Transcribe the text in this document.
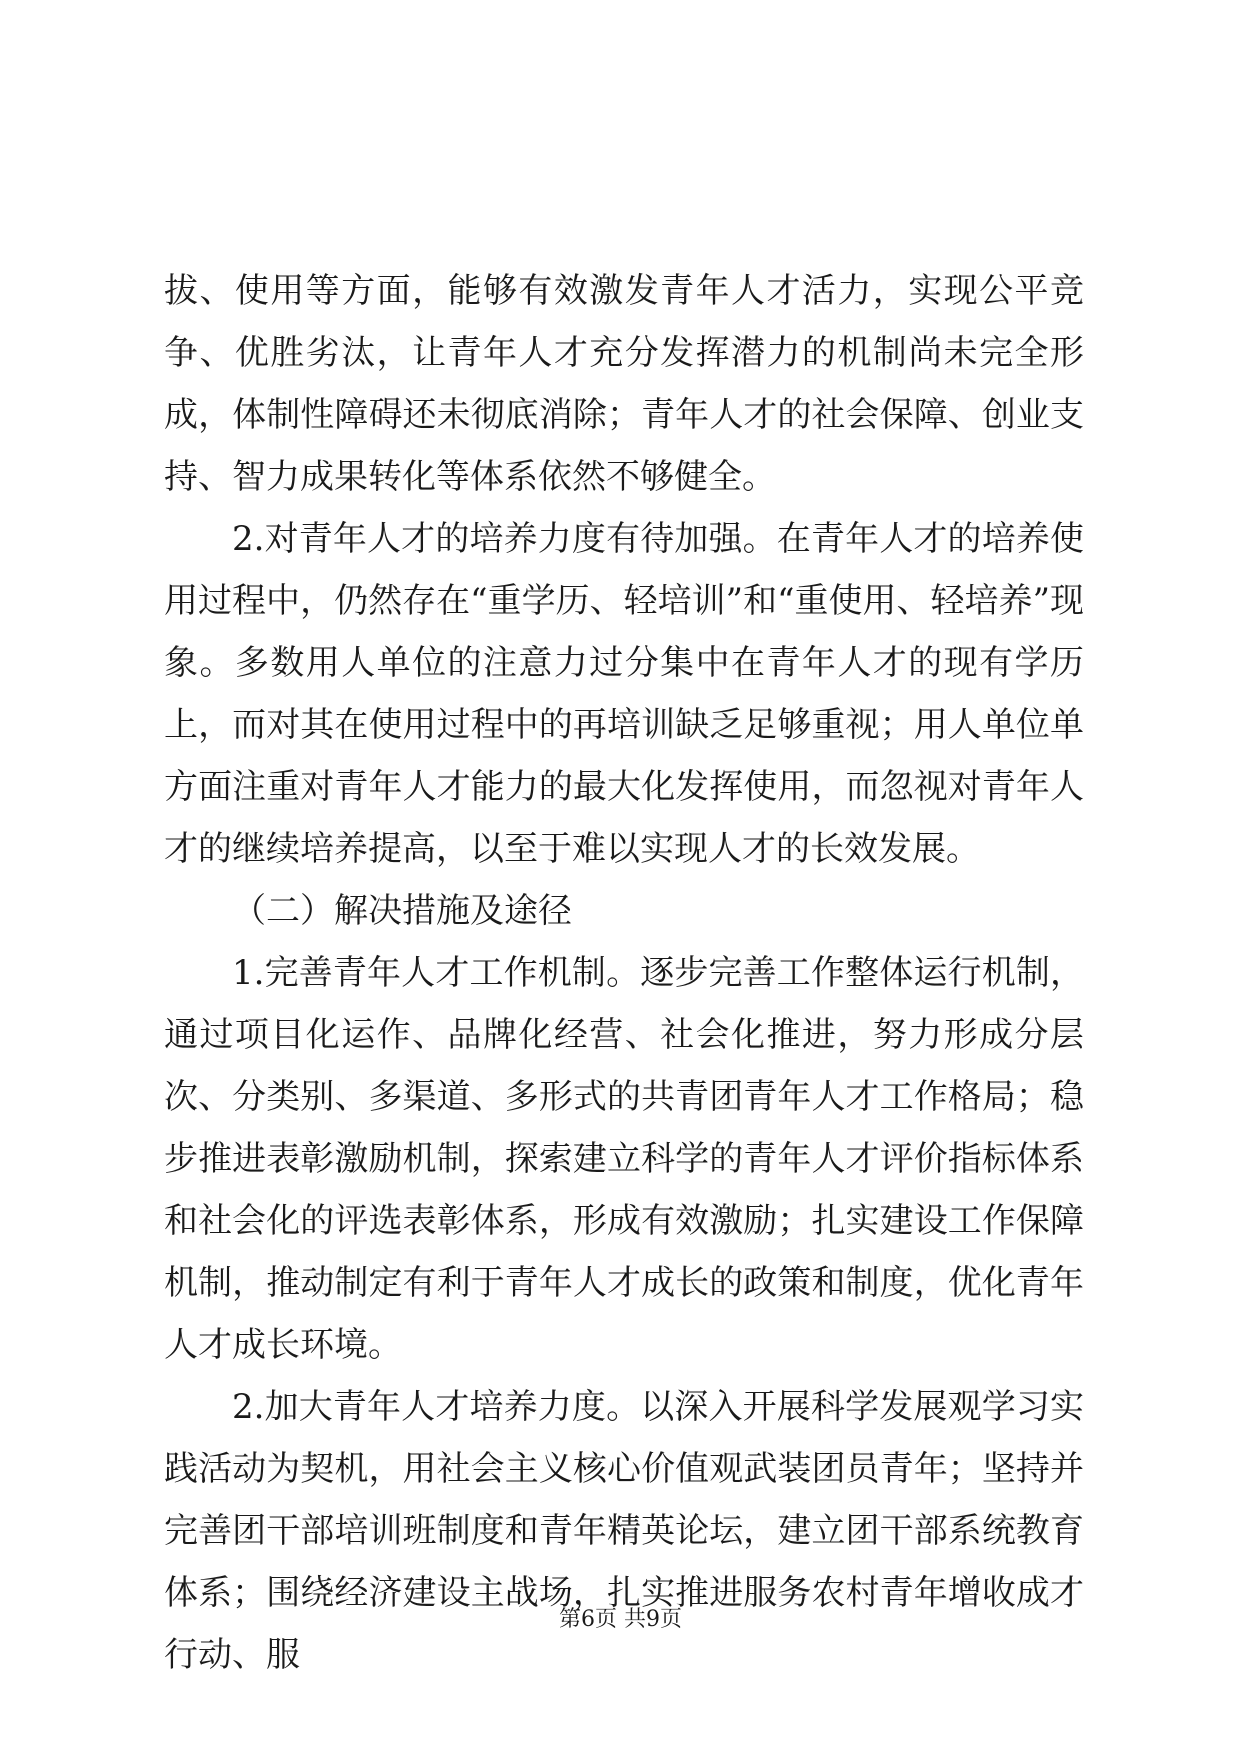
拔、使用等方面，能够有效激发青年人才活力，实现公平竞争、优胜劣汰，让青年人才充分发挥潜力的机制尚未完全形成，体制性障碍还未彻底消除；青年人才的社会保障、创业支持、智力成果转化等体系依然不够健全。

2.对青年人才的培养力度有待加强。在青年人才的培养使用过程中，仍然存在“重学历、轻培训”和“重使用、轻培养”现象。多数用人单位的注意力过分集中在青年人才的现有学历上，而对其在使用过程中的再培训缺乏足够重视；用人单位单方面注重对青年人才能力的最大化发挥使用，而忽视对青年人才的继续培养提高，以至于难以实现人才的长效发展。

（二）解决措施及途径

1.完善青年人才工作机制。逐步完善工作整体运行机制，通过项目化运作、品牌化经营、社会化推进，努力形成分层次、分类别、多渠道、多形式的共青团青年人才工作格局；稳步推进表彰激励机制，探索建立科学的青年人才评价指标体系和社会化的评选表彰体系，形成有效激励；扎实建设工作保障机制，推动制定有利于青年人才成长的政策和制度，优化青年人才成长环境。

2.加大青年人才培养力度。以深入开展科学发展观学习实践活动为契机，用社会主义核心价值观武装团员青年；坚持并完善团干部培训班制度和青年精英论坛，建立团干部系统教育体系；围绕经济建设主战场，扎实推进服务农村青年增收成才行动、服

第6页 共9页
